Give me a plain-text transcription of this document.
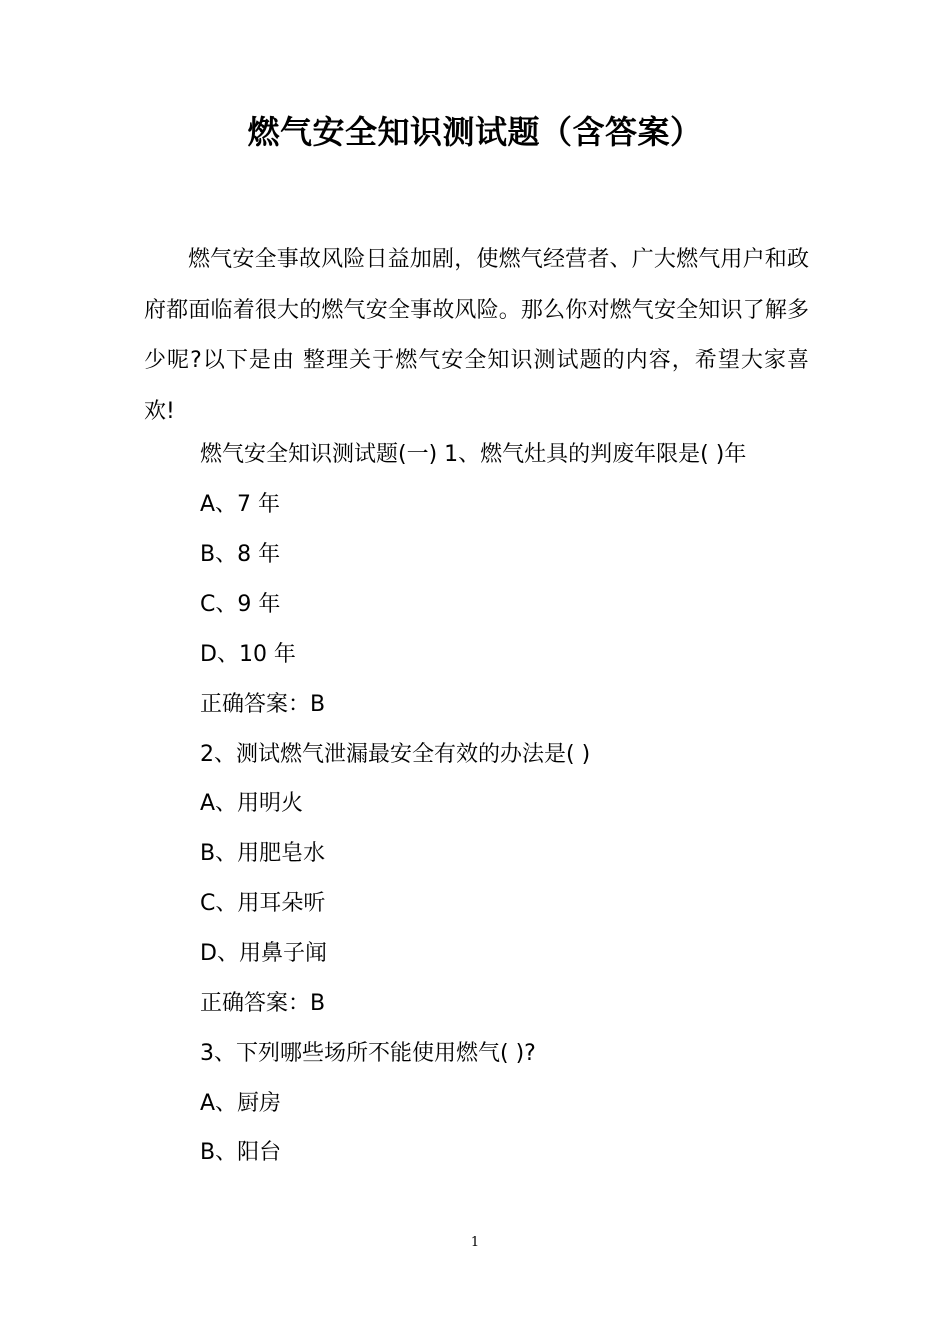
燃气安全知识测试题（含答案）

燃气安全事故风险日益加剧，使燃气经营者、广大燃气用户和政府都面临着很大的燃气安全事故风险。那么你对燃气安全知识了解多少呢?以下是由 整理关于燃气安全知识测试题的内容，希望大家喜欢!

燃气安全知识测试题(一) 1、燃气灶具的判废年限是( )年

A、7 年

B、8 年

C、9 年

D、10 年

正确答案：B

2、测试燃气泄漏最安全有效的办法是( )

A、用明火

B、用肥皂水

C、用耳朵听

D、用鼻子闻

正确答案：B

3、下列哪些场所不能使用燃气( )?

A、厨房

B、阳台

1
